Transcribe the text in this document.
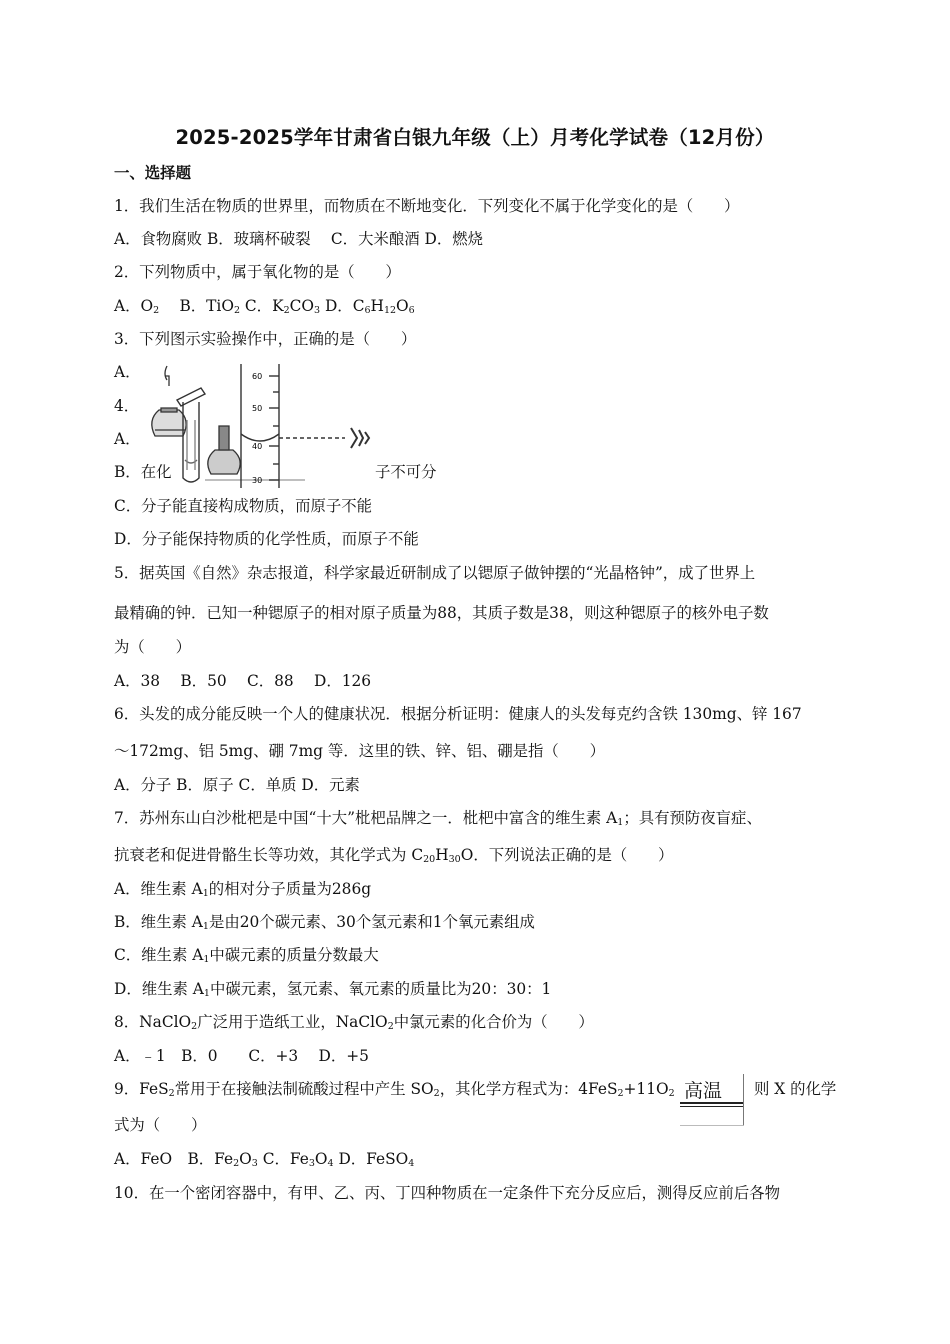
2025-2025学年甘肃省白银九年级（上）月考化学试卷（12月份）
一、选择题
1．我们生活在物质的世界里，而物质在不断地变化．下列变化不属于化学变化的是（　　）
A．食物腐败 B．玻璃杯破裂　 C．大米酿酒 D．燃烧
2．下列物质中，属于氧化物的是（　　）
A．$O_2$　 B．TiO$_2$ C．$K_2CO_3$ D．$C_6H_{12}O_6$
3．下列图示实验操作中，正确的是（　　）
A．
4．
A．
B．在化	子不可分
60
50
40
30
C．分子能直接构成物质，而原子不能
D．分子能保持物质的化学性质，而原子不能
5．据英国《自然》杂志报道，科学家最近研制成了以锶原子做钟摆的“光晶格钟”，成了世界上
最精确的钟．已知一种锶原子的相对原子质量为88，其质子数是38，则这种锶原子的核外电子数
为（　　）
A．38　 B．50　 C．88　 D．126
6．头发的成分能反映一个人的健康状况．根据分析证明：健康人的头发每克约含铁 130mg、锌 167
～172mg、铝 5mg、硼 7mg 等．这里的铁、锌、铝、硼是指（　　）
A．分子 B．原子 C．单质 D．元素
7．苏州东山白沙枇杷是中国“十大”枇杷品牌之一．枇杷中富含的维生素 $A_1$；具有预防夜盲症、
抗衰老和促进骨骼生长等功效，其化学式为 $C_{20}H_{30}O$．下列说法正确的是（　　）
A．维生素 $A_1$的相对分子质量为286g
B．维生素 $A_1$是由20个碳元素、30个氢元素和1个氧元素组成
C．维生素 $A_1$中碳元素的质量分数最大
D．维生素 $A_1$中碳元素，氢元素、氧元素的质量比为20：30：1
8．NaClO$_2$广泛用于造纸工业，NaClO$_2$中氯元素的化合价为（　　）
A．﹣1　B．0　　C．+3　 D．+5
9．FeS$_2$常用于在接触法制硫酸过程中产生 $SO_2$，其化学方程式为：$4FeS_2+11O_2$ 高温 则 X 的化学
式为（　　）
A．FeO　B．$Fe_2O_3$ C．$Fe_3O_4$ D．FeSO$_4$
10．在一个密闭容器中，有甲、乙、丙、丁四种物质在一定条件下充分反应后，测得反应前后各物
